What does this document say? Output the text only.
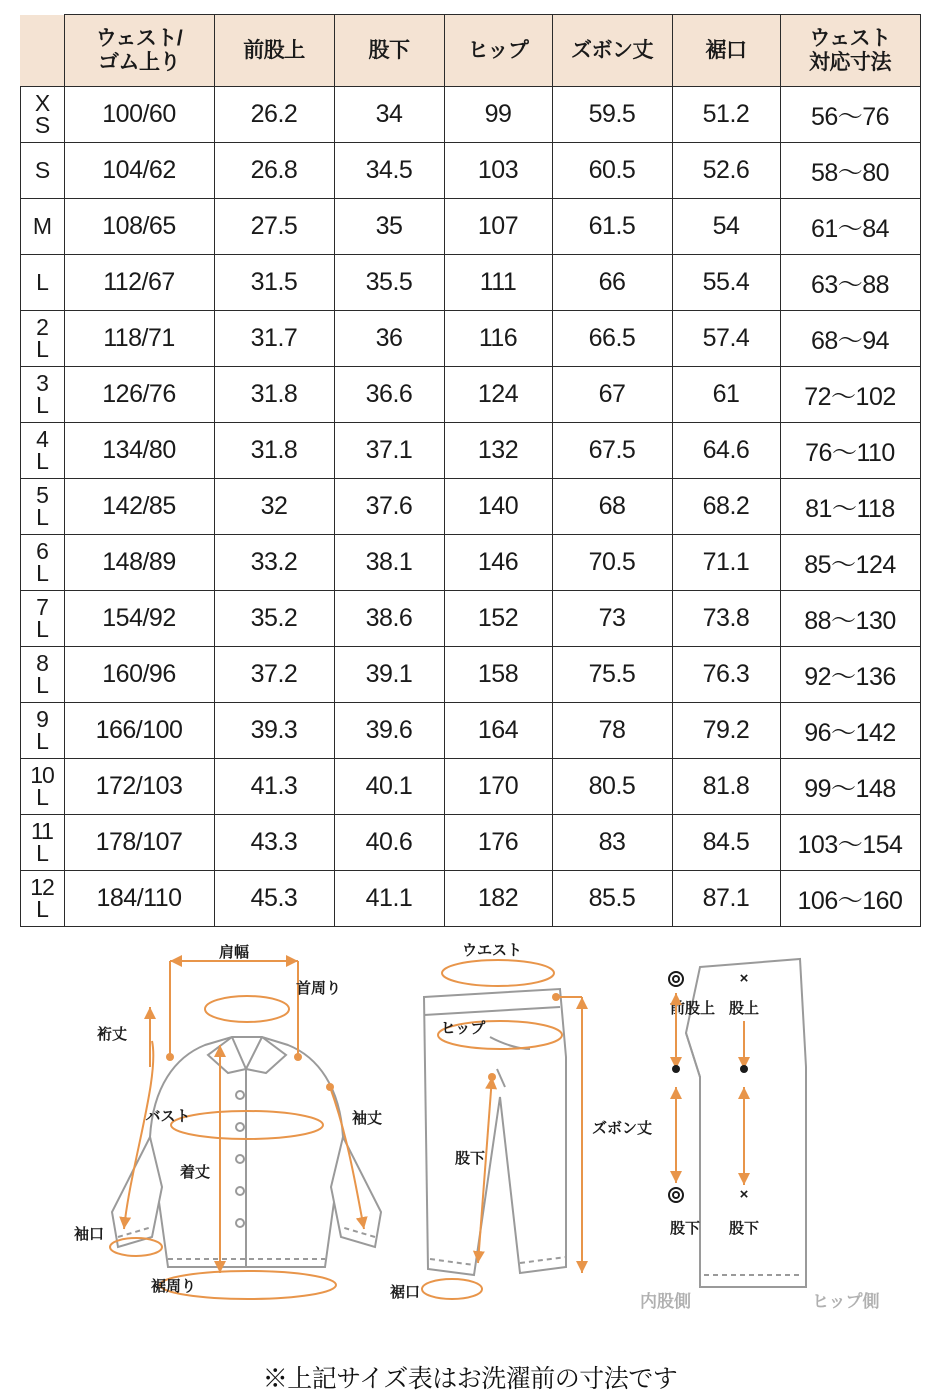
	ウェスト/
ゴム上り	前股上	股下	ヒップ	ズボン丈	裾口	ウェスト
対応寸法

X
S	100/60	26.2	34	99	59.5	51.2	56〜76

S	104/62	26.8	34.5	103	60.5	52.6	58〜80

M	108/65	27.5	35	107	61.5	54	61〜84

L	112/67	31.5	35.5	111	66	55.4	63〜88

2
L	118/71	31.7	36	116	66.5	57.4	68〜94

3
L	126/76	31.8	36.6	124	67	61	72〜102

4
L	134/80	31.8	37.1	132	67.5	64.6	76〜110

5
L	142/85	32	37.6	140	68	68.2	81〜118

6
L	148/89	33.2	38.1	146	70.5	71.1	85〜124

7
L	154/92	35.2	38.6	152	73	73.8	88〜130

8
L	160/96	37.2	39.1	158	75.5	76.3	92〜136

9
L	166/100	39.3	39.6	164	78	79.2	96〜142

10
L	172/103	41.3	40.1	170	80.5	81.8	99〜148

11
L	178/107	43.3	40.6	176	83	84.5	103〜154

12
L	184/110	45.3	41.1	182	85.5	87.1	106〜160
肩幅
首周り
裄丈
バスト	袖丈
着丈
袖口
裾周り
ウエスト
ヒップ
股下
ズボン丈
裾口
前股上
×
股上
股下
×
股下
内股側	ヒップ側
※上記サイズ表はお洗濯前の寸法です
